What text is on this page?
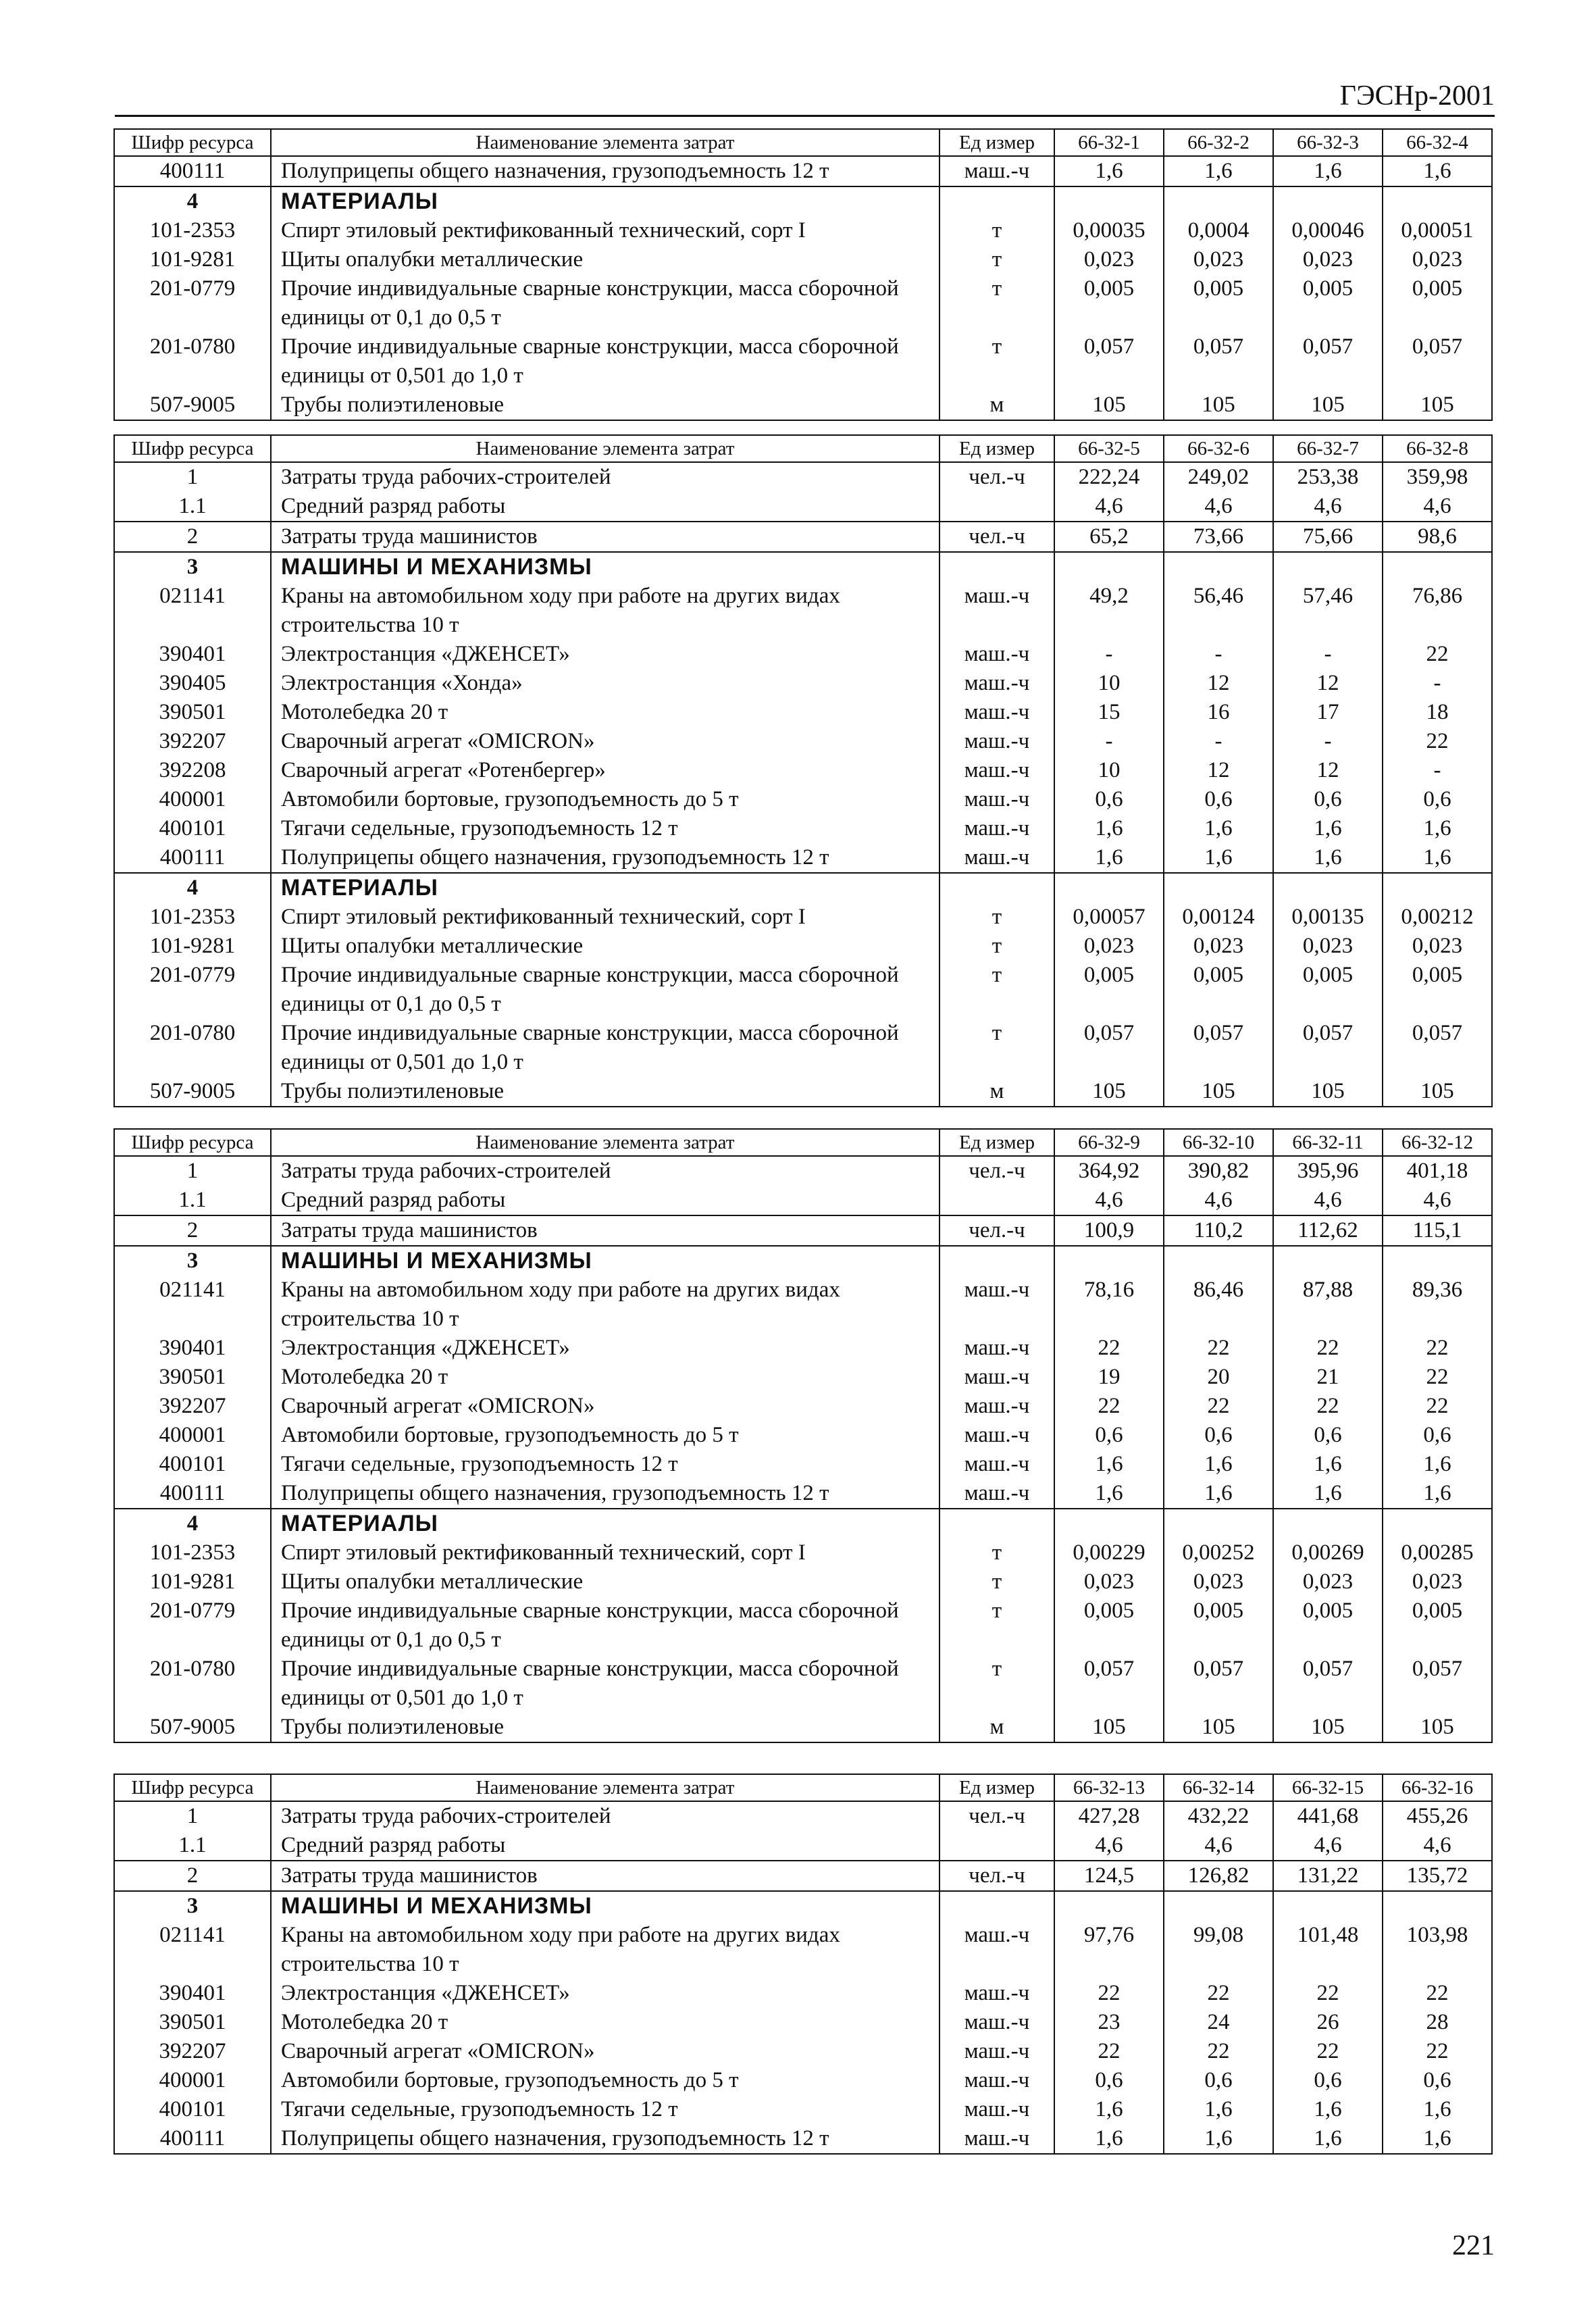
ГЭСНр-2001
Шифр ресурса	Наименование элемента затрат	Ед измер	66-32-1	66-32-2	66-32-3	66-32-4
400111	Полуприцепы общего назначения, грузоподъемность 12 т	маш.-ч	1,6	1,6	1,6	1,6
4	МАТЕРИАЛЫ					
101-2353	Спирт этиловый ректификованный технический, сорт I	т	0,00035	0,0004	0,00046	0,00051
101-9281	Щиты опалубки металлические	т	0,023	0,023	0,023	0,023
201-0779	Прочие индивидуальные сварные конструкции, масса сборочной единицы от 0,1 до 0,5 т	т	0,005	0,005	0,005	0,005
201-0780	Прочие индивидуальные сварные конструкции, масса сборочной единицы от 0,501 до 1,0 т	т	0,057	0,057	0,057	0,057
507-9005	Трубы полиэтиленовые	м	105	105	105	105
Шифр ресурса	Наименование элемента затрат	Ед измер	66-32-5	66-32-6	66-32-7	66-32-8
1	Затраты труда рабочих-строителей	чел.-ч	222,24	249,02	253,38	359,98
1.1	Средний разряд работы		4,6	4,6	4,6	4,6
2	Затраты труда машинистов	чел.-ч	65,2	73,66	75,66	98,6
3	МАШИНЫ И МЕХАНИЗМЫ					
021141	Краны на автомобильном ходу при работе на других видах строительства 10 т	маш.-ч	49,2	56,46	57,46	76,86
390401	Электростанция «ДЖЕНСЕТ»	маш.-ч	-	-	-	22
390405	Электростанция «Хонда»	маш.-ч	10	12	12	-
390501	Мотолебедка 20 т	маш.-ч	15	16	17	18
392207	Сварочный агрегат «OMICRON»	маш.-ч	-	-	-	22
392208	Сварочный агрегат «Ротенбергер»	маш.-ч	10	12	12	-
400001	Автомобили бортовые, грузоподъемность до 5 т	маш.-ч	0,6	0,6	0,6	0,6
400101	Тягачи седельные, грузоподъемность 12 т	маш.-ч	1,6	1,6	1,6	1,6
400111	Полуприцепы общего назначения, грузоподъемность 12 т	маш.-ч	1,6	1,6	1,6	1,6
4	МАТЕРИАЛЫ					
101-2353	Спирт этиловый ректификованный технический, сорт I	т	0,00057	0,00124	0,00135	0,00212
101-9281	Щиты опалубки металлические	т	0,023	0,023	0,023	0,023
201-0779	Прочие индивидуальные сварные конструкции, масса сборочной единицы от 0,1 до 0,5 т	т	0,005	0,005	0,005	0,005
201-0780	Прочие индивидуальные сварные конструкции, масса сборочной единицы от 0,501 до 1,0 т	т	0,057	0,057	0,057	0,057
507-9005	Трубы полиэтиленовые	м	105	105	105	105
Шифр ресурса	Наименование элемента затрат	Ед измер	66-32-9	66-32-10	66-32-11	66-32-12
1	Затраты труда рабочих-строителей	чел.-ч	364,92	390,82	395,96	401,18
1.1	Средний разряд работы		4,6	4,6	4,6	4,6
2	Затраты труда машинистов	чел.-ч	100,9	110,2	112,62	115,1
3	МАШИНЫ И МЕХАНИЗМЫ					
021141	Краны на автомобильном ходу при работе на других видах строительства 10 т	маш.-ч	78,16	86,46	87,88	89,36
390401	Электростанция «ДЖЕНСЕТ»	маш.-ч	22	22	22	22
390501	Мотолебедка 20 т	маш.-ч	19	20	21	22
392207	Сварочный агрегат «OMICRON»	маш.-ч	22	22	22	22
400001	Автомобили бортовые, грузоподъемность до 5 т	маш.-ч	0,6	0,6	0,6	0,6
400101	Тягачи седельные, грузоподъемность 12 т	маш.-ч	1,6	1,6	1,6	1,6
400111	Полуприцепы общего назначения, грузоподъемность 12 т	маш.-ч	1,6	1,6	1,6	1,6
4	МАТЕРИАЛЫ					
101-2353	Спирт этиловый ректификованный технический, сорт I	т	0,00229	0,00252	0,00269	0,00285
101-9281	Щиты опалубки металлические	т	0,023	0,023	0,023	0,023
201-0779	Прочие индивидуальные сварные конструкции, масса сборочной единицы от 0,1 до 0,5 т	т	0,005	0,005	0,005	0,005
201-0780	Прочие индивидуальные сварные конструкции, масса сборочной единицы от 0,501 до 1,0 т	т	0,057	0,057	0,057	0,057
507-9005	Трубы полиэтиленовые	м	105	105	105	105
Шифр ресурса	Наименование элемента затрат	Ед измер	66-32-13	66-32-14	66-32-15	66-32-16
1	Затраты труда рабочих-строителей	чел.-ч	427,28	432,22	441,68	455,26
1.1	Средний разряд работы		4,6	4,6	4,6	4,6
2	Затраты труда машинистов	чел.-ч	124,5	126,82	131,22	135,72
3	МАШИНЫ И МЕХАНИЗМЫ					
021141	Краны на автомобильном ходу при работе на других видах строительства 10 т	маш.-ч	97,76	99,08	101,48	103,98
390401	Электростанция «ДЖЕНСЕТ»	маш.-ч	22	22	22	22
390501	Мотолебедка 20 т	маш.-ч	23	24	26	28
392207	Сварочный агрегат «OMICRON»	маш.-ч	22	22	22	22
400001	Автомобили бортовые, грузоподъемность до 5 т	маш.-ч	0,6	0,6	0,6	0,6
400101	Тягачи седельные, грузоподъемность 12 т	маш.-ч	1,6	1,6	1,6	1,6
400111	Полуприцепы общего назначения, грузоподъемность 12 т	маш.-ч	1,6	1,6	1,6	1,6
221
